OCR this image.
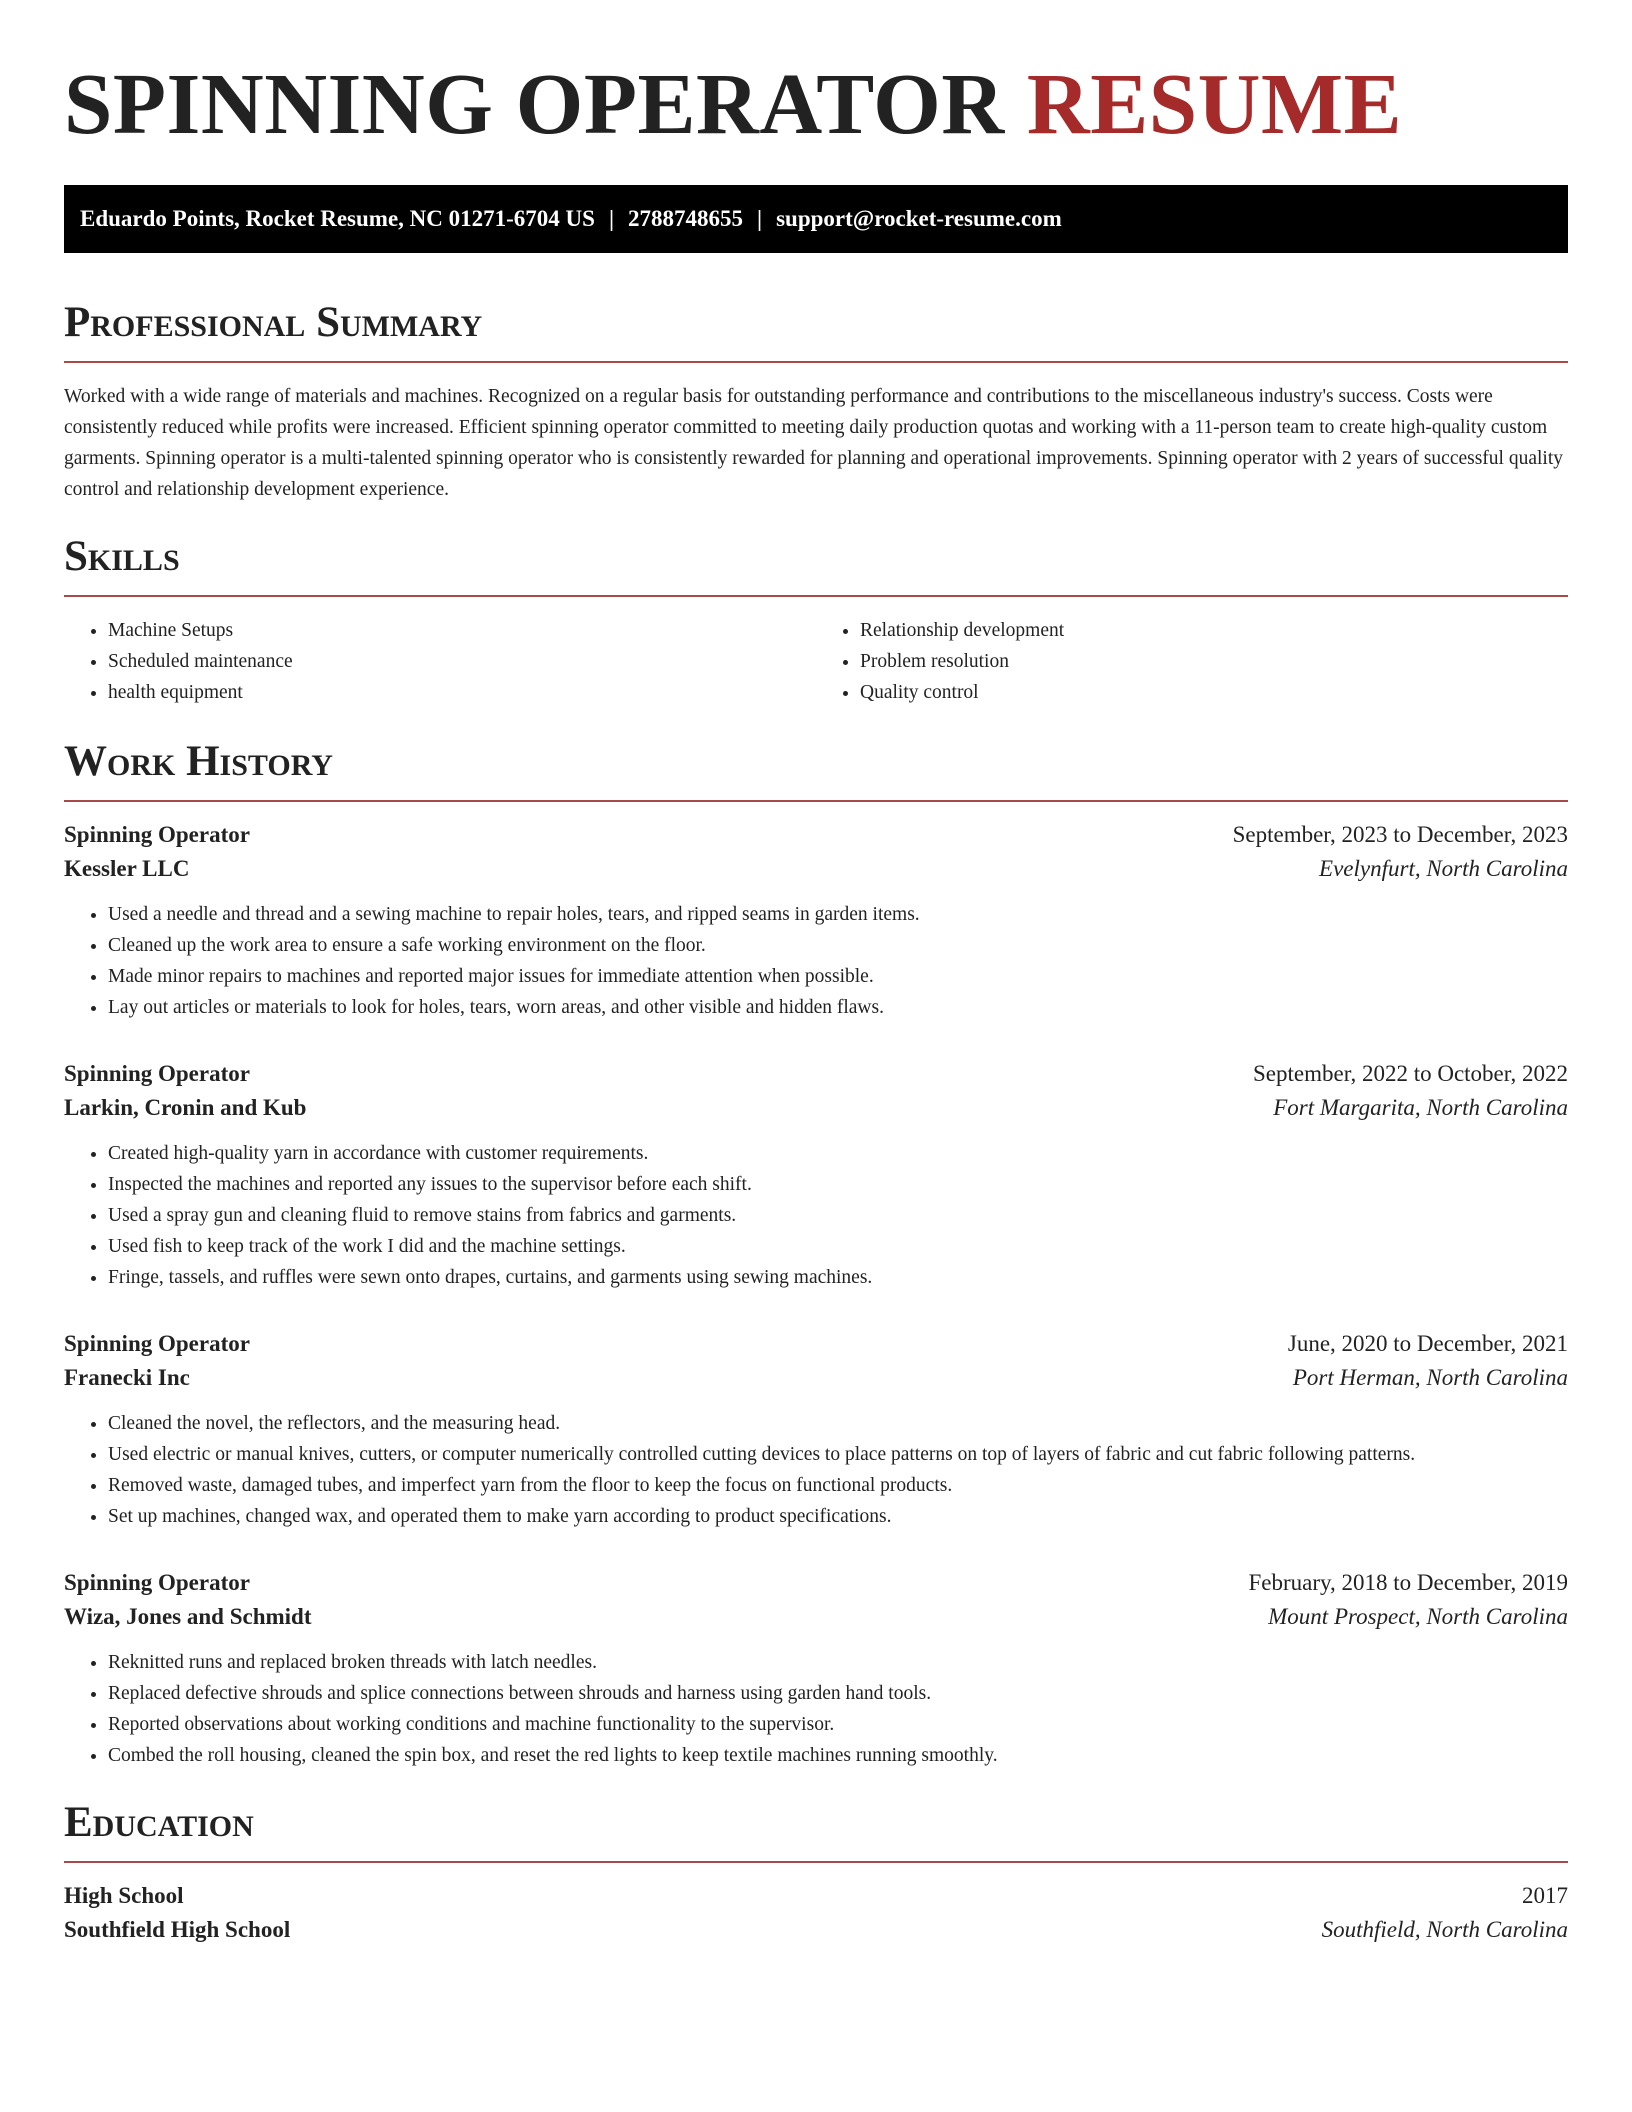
SPINNING OPERATOR RESUME
Eduardo Points, Rocket Resume, NC 01271-6704 US | 2788748655 | support@rocket-resume.com
Professional Summary

Worked with a wide range of materials and machines. Recognized on a regular basis for outstanding performance and contributions to the miscellaneous industry's success. Costs were consistently reduced while profits were increased. Efficient spinning operator committed to meeting daily production quotas and working with a 11-person team to create high-quality custom garments. Spinning operator is a multi-talented spinning operator who is consistently rewarded for planning and operational improvements. Spinning operator with 2 years of successful quality control and relationship development experience.

Skills
• Machine Setups
• Scheduled maintenance
• health equipment
• Relationship development
• Problem resolution
• Quality control
Work History
Spinning Operator	September, 2023 to December, 2023
Kessler LLC	Evelynfurt, North Carolina
• Used a needle and thread and a sewing machine to repair holes, tears, and ripped seams in garden items.
• Cleaned up the work area to ensure a safe working environment on the floor.
• Made minor repairs to machines and reported major issues for immediate attention when possible.
• Lay out articles or materials to look for holes, tears, worn areas, and other visible and hidden flaws.
Spinning Operator	September, 2022 to October, 2022
Larkin, Cronin and Kub	Fort Margarita, North Carolina
• Created high-quality yarn in accordance with customer requirements.
• Inspected the machines and reported any issues to the supervisor before each shift.
• Used a spray gun and cleaning fluid to remove stains from fabrics and garments.
• Used fish to keep track of the work I did and the machine settings.
• Fringe, tassels, and ruffles were sewn onto drapes, curtains, and garments using sewing machines.
Spinning Operator	June, 2020 to December, 2021
Franecki Inc	Port Herman, North Carolina
• Cleaned the novel, the reflectors, and the measuring head.
• Used electric or manual knives, cutters, or computer numerically controlled cutting devices to place patterns on top of layers of fabric and cut fabric following patterns.
• Removed waste, damaged tubes, and imperfect yarn from the floor to keep the focus on functional products.
• Set up machines, changed wax, and operated them to make yarn according to product specifications.
Spinning Operator	February, 2018 to December, 2019
Wiza, Jones and Schmidt	Mount Prospect, North Carolina
• Reknitted runs and replaced broken threads with latch needles.
• Replaced defective shrouds and splice connections between shrouds and harness using garden hand tools.
• Reported observations about working conditions and machine functionality to the supervisor.
• Combed the roll housing, cleaned the spin box, and reset the red lights to keep textile machines running smoothly.
Education
High School	2017
Southfield High School	Southfield, North Carolina
